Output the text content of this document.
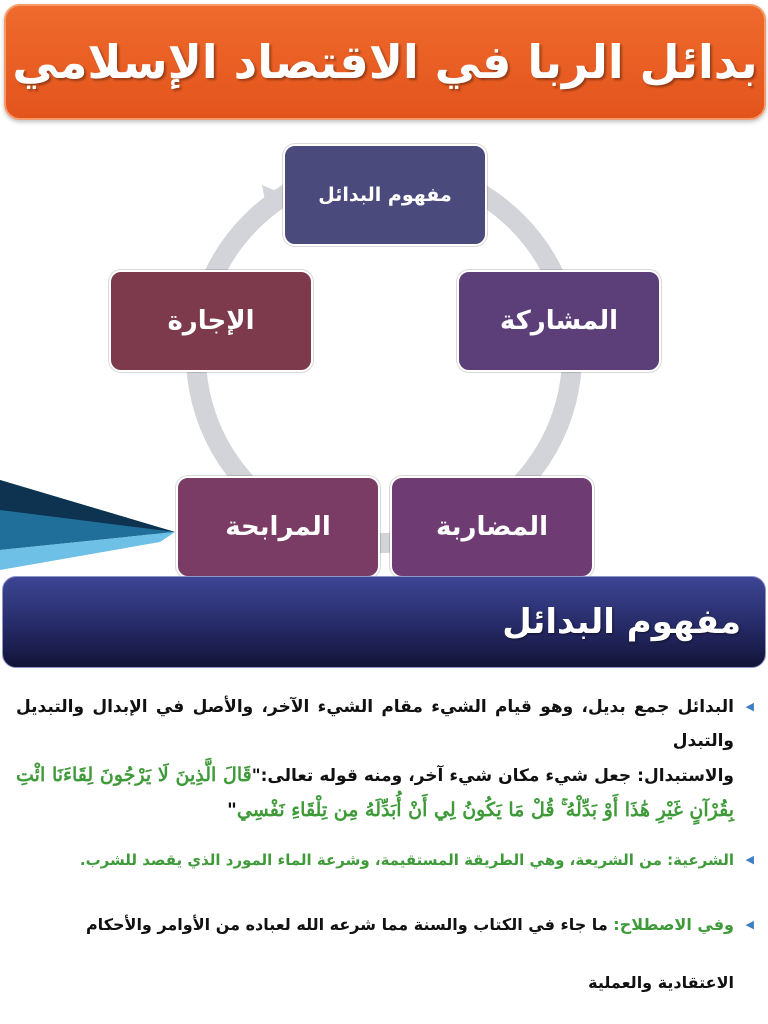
بدائل الربا في الاقتصاد الإسلامي
مفهوم البدائل
المشاركة
المضاربة
المرابحة
الإجارة
مفهوم البدائل
◀
البدائل جمع بديل، وهو قيام الشيء مقام الشيء الآخر، والأصل في الإبدال والتبديل والتبدل
والاستبدال: جعل شيء مكان شيء آخر، ومنه قوله تعالى:"قَالَ الَّذِينَ لَا يَرْجُونَ لِقَاءَنَا ائْتِ بِقُرْآنٍ غَيْرِ هَٰذَا أَوْ بَدِّلْهُ ۚ قُلْ مَا يَكُونُ لِي أَنْ أُبَدِّلَهُ مِن تِلْقَاءِ نَفْسِي"
◀
الشرعية: من الشريعة، وهي الطريقة المستقيمة، وشرعة الماء المورد الذي يقصد للشرب.
◀
وفي الاصطلاح: ما جاء في الكتاب والسنة مما شرعه الله لعباده من الأوامر والأحكام الاعتقادية والعملية
